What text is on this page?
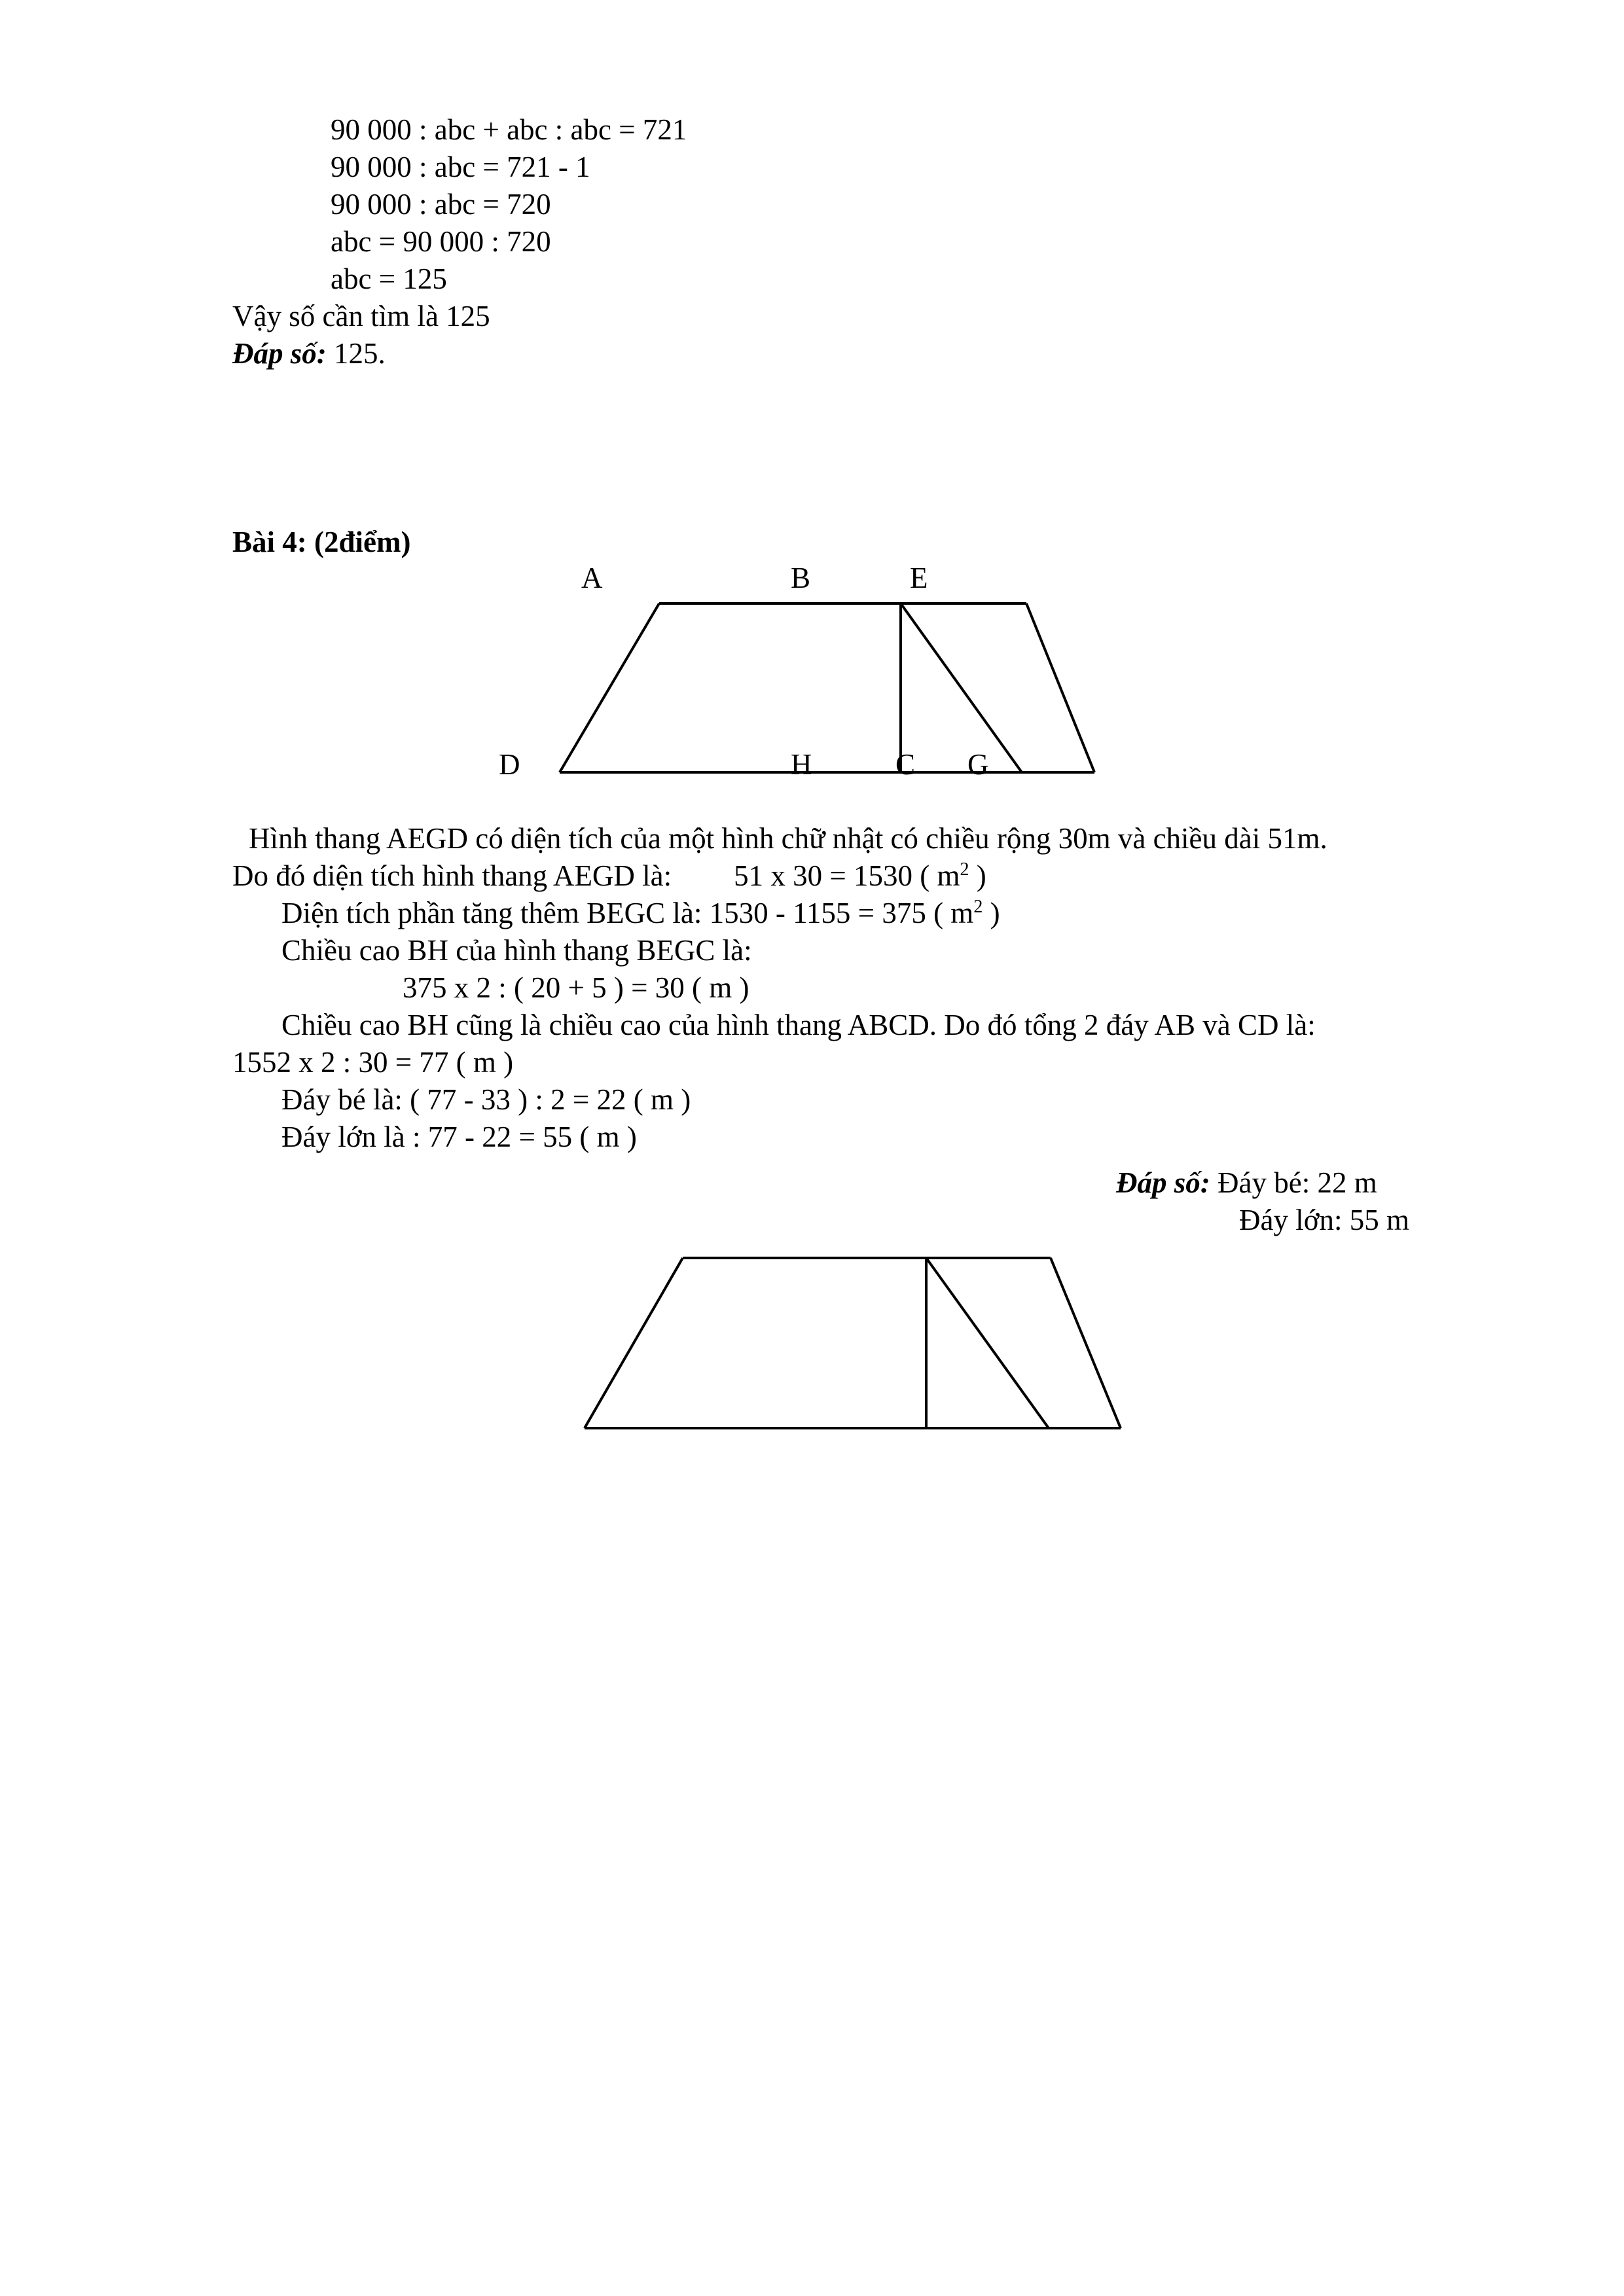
90 000 : abc + abc : abc = 721
90 000 : abc = 721 - 1
90 000 : abc = 720
abc = 90 000 : 720
abc = 125
Vậy số cần tìm là 125
Đáp số: 125.
Bài 4: (2điểm)
A	B	E
D	H	C G
Hình thang AEGD có diện tích của một hình chữ nhật có chiều rộng 30m và chiều dài 51m.
Do đó diện tích hình thang AEGD là: 51 x 30 = 1530 ( $m^2$ )
Diện tích phần tăng thêm BEGC là: 1530 - 1155 = 375 ( $m^2$ )
Chiều cao BH của hình thang BEGC là:
375 x 2 : ( 20 + 5 ) = 30 ( m )
Chiều cao BH cũng là chiều cao của hình thang ABCD. Do đó tổng 2 đáy AB và CD là:
1552 x 2 : 30 = 77 ( m )
Đáy bé là: ( 77 - 33 ) : 2 = 22 ( m )
Đáy lớn là : 77 - 22 = 55 ( m )
Đáp số: Đáy bé: 22 m
Đáy lớn: 55 m
